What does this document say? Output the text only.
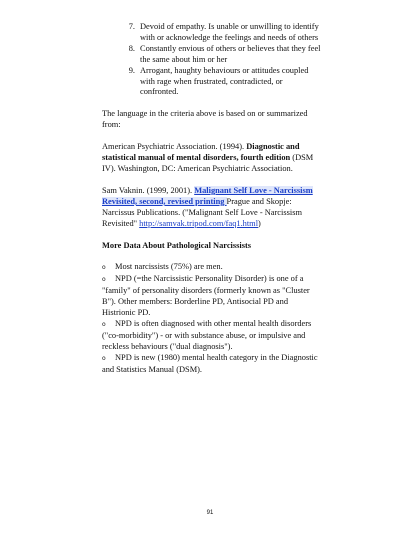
7. Devoid of empathy. Is unable or unwilling to identify with or acknowledge the feelings and needs of others
8. Constantly envious of others or believes that they feel the same about him or her
9. Arrogant, haughty behaviours or attitudes coupled with rage when frustrated, contradicted, or confronted.

The language in the criteria above is based on or summarized from:

American Psychiatric Association. (1994). Diagnostic and statistical manual of mental disorders, fourth edition (DSM IV). Washington, DC: American Psychiatric Association.

Sam Vaknin. (1999, 2001). Malignant Self Love - Narcissism Revisited, second, revised printing Prague and Skopje: Narcissus Publications. ("Malignant Self Love - Narcissism Revisited" http://samvak.tripod.com/faq1.html)

More Data About Pathological Narcissists

o Most narcissists (75%) are men.

o NPD (=the Narcissistic Personality Disorder) is one of a "family" of personality disorders (formerly known as "Cluster B"). Other members: Borderline PD, Antisocial PD and Histrionic PD.

o NPD is often diagnosed with other mental health disorders ("co-morbidity") - or with substance abuse, or impulsive and reckless behaviours ("dual diagnosis").

o NPD is new (1980) mental health category in the Diagnostic and Statistics Manual (DSM).

91
